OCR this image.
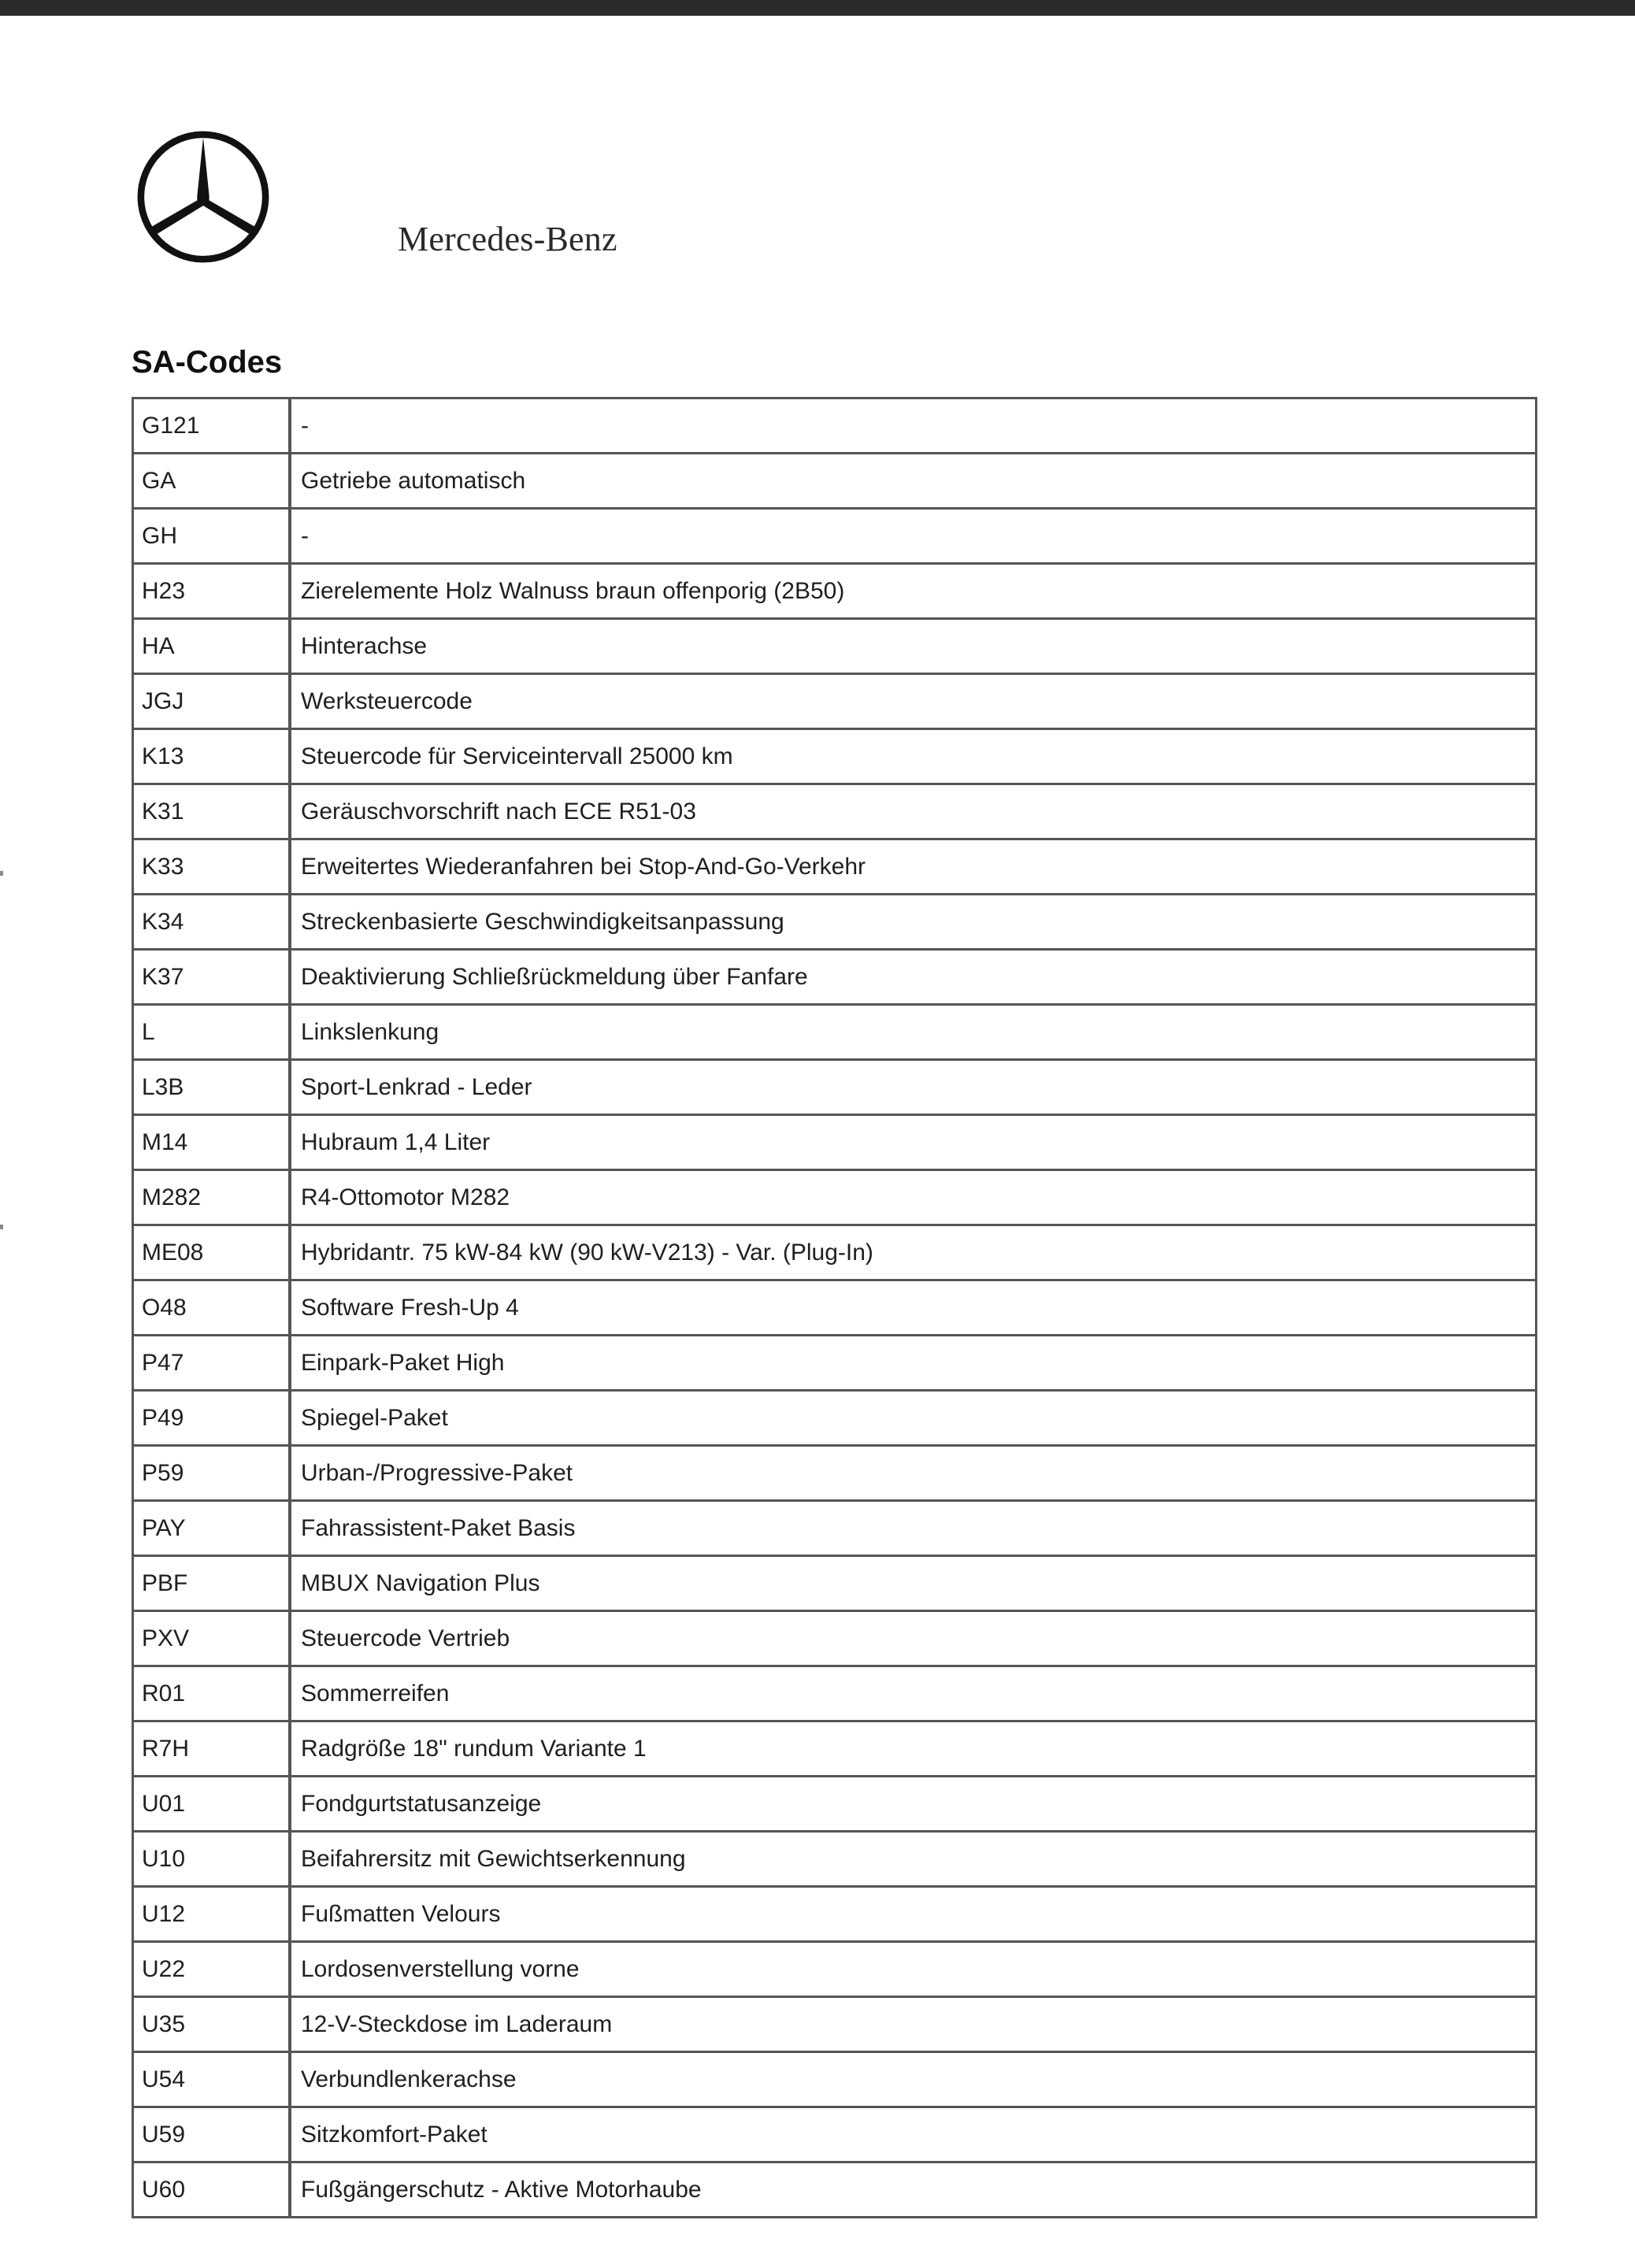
Mercedes-Benz
SA-Codes
G121	-
GA	Getriebe automatisch
GH	-
H23	Zierelemente Holz Walnuss braun offenporig (2B50)
HA	Hinterachse
JGJ	Werksteuercode
K13	Steuercode für Serviceintervall 25000 km
K31	Geräuschvorschrift nach ECE R51-03
K33	Erweitertes Wiederanfahren bei Stop-And-Go-Verkehr
K34	Streckenbasierte Geschwindigkeitsanpassung
K37	Deaktivierung Schließrückmeldung über Fanfare
L	Linkslenkung
L3B	Sport-Lenkrad - Leder
M14	Hubraum 1,4 Liter
M282	R4-Ottomotor M282
ME08	Hybridantr. 75 kW-84 kW (90 kW-V213) - Var. (Plug-In)
O48	Software Fresh-Up 4
P47	Einpark-Paket High
P49	Spiegel-Paket
P59	Urban-/Progressive-Paket
PAY	Fahrassistent-Paket Basis
PBF	MBUX Navigation Plus
PXV	Steuercode Vertrieb
R01	Sommerreifen
R7H	Radgröße 18" rundum Variante 1
U01	Fondgurtstatusanzeige
U10	Beifahrersitz mit Gewichtserkennung
U12	Fußmatten Velours
U22	Lordosenverstellung vorne
U35	12-V-Steckdose im Laderaum
U54	Verbundlenkerachse
U59	Sitzkomfort-Paket
U60	Fußgängerschutz - Aktive Motorhaube
